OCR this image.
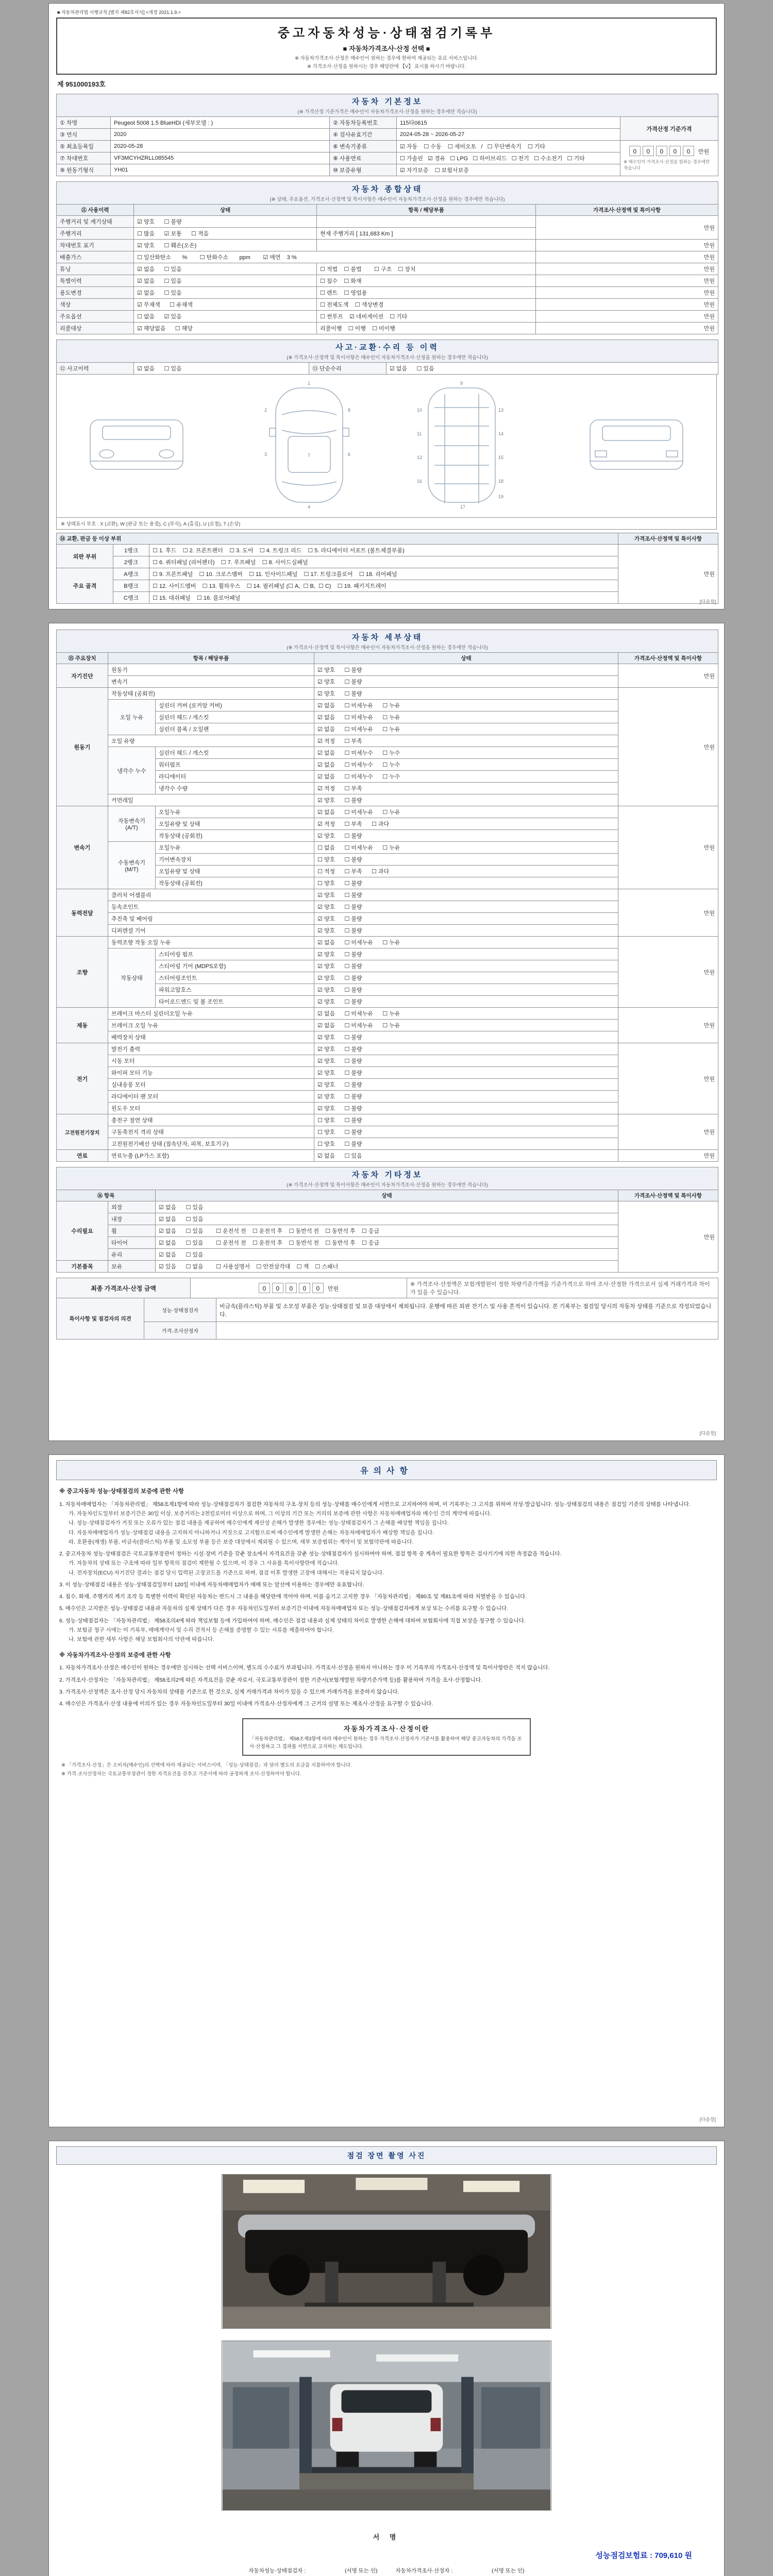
■ 자동차관리법 시행규칙 [별지 제82호서식] <개정 2021.1.9.>
중고자동차성능·상태점검기록부
■ 자동차가격조사·산정 선택 ■
※ 자동차가격조사·산정은 매수인이 원하는 경우에 한하여 제공되는 유료 서비스입니다.
※ 가격조사·산정을 원하시는 경우 해당란에 【V】 표시를 하시기 바랍니다.
제 951000193호
자동차 기본정보
(※ 가격산정 기준가격은 매수인이 자동차가격조사·산정을 원하는 경우에만 적습니다)				

① 차명	Peugeot 5008 1.5 BlueHDi (세부모델 : )	② 자동차등록번호	115타0615	가격산정 기준가격
③ 연식	2020	④ 검사유효기간	2024-05-28 ~ 2026-05-27	
⑤ 최초등록일	2020-05-28	⑥ 변속기종류	☑ 자동    ☐ 수동    ☐ 세미오토   /   ☐ 무단변속기    ☐ 기타	0 0 0 0 0 만원
※ 매수인이 가격조사·산정을 원하는 경우에만 적습니다

⑦ 차대번호	VF3MCYHZRLL085545	⑧ 사용연료	☐ 가솔린   ☑ 경유   ☐ LPG   ☐ 하이브리드   ☐ 전기   ☐ 수소전기   ☐ 기타	
⑨ 원동기형식	YH01	⑩ 보증유형	☑ 자가보증    ☐ 보험사보증	
자동차 종합상태
(※ 상태, 주요옵션, 가격조사·산정액 및 특이사항은 매수인이 자동차가격조사·산정을 원하는 경우에만 적습니다)			

⑪ 사용이력	상태	항목 / 해당부품	가격조사·산정액 및 특이사항
주행거리 및 계기상태	☑ 양호      ☐ 불량		만원
주행거리	☐ 많음      ☑ 보통      ☐ 적음	현재 주행거리 [ 131,683 Km ]	
차대번호 표기	☑ 양호      ☐ 훼손(오손)		만원
배출가스	☐ 일산화탄소       %        ☐ 탄화수소       ppm        ☑ 매연    3 %		만원
튜닝	☑ 없음      ☐ 있음	☐ 적법    ☐ 불법        ☐ 구조    ☐ 장치	만원
특별이력	☑ 없음      ☐ 있음	☐ 침수    ☐ 화재	만원
용도변경	☑ 없음      ☐ 있음	☐ 렌트    ☐ 영업용	만원
색상	☑ 무채색      ☐ 유채색	☐ 전체도색    ☐ 색상변경	만원
주요옵션	☐ 없음      ☑ 있음	☐ 썬루프    ☑ 네비게이션    ☐ 기타	만원
리콜대상	☑ 해당없음      ☐ 해당	리콜이행    ☐ 이행    ☐ 미이행	만원
사고·교환·수리 등 이력
(※ 가격조사·산정액 및 특이사항은 매수인이 자동차가격조사·산정을 원하는 경우에만 적습니다)

⑫ 사고이력	☑ 없음      ☐ 있음	⑬ 단순수리	☑ 없음      ☐ 있음
1
2
3
4
6
7
8
9
10
11
12
13
14
15
16
17
18
19
※ 상태표시 부호 : X (교환), W (판금 또는 용접), C (부식), A (흠집), U (요철), T (손상)
⑭ 교환, 판금 등 이상 부위			가격조사·산정액 및 특이사항
외판 부위	1랭크	☐ 1. 후드    ☐ 2. 프론트펜더    ☐ 3. 도어    ☐ 4. 트렁크 리드    ☐ 5. 라디에이터 서포트 (볼트체결부품)	만원
	2랭크	☐ 6. 쿼터패널 (리어펜더)    ☐ 7. 루프패널    ☐ 8. 사이드실패널	
주요 골격	A랭크	☐ 9. 프론트패널    ☐ 10. 크로스멤버    ☐ 11. 인사이드패널    ☐ 17. 트렁크플로어    ☐ 18. 리어패널	
	B랭크	☐ 12. 사이드멤버    ☐ 13. 휠하우스    ☐ 14. 필러패널 (☐ A,  ☐ B,  ☐ C)    ☐ 19. 패키지트레이	
	C랭크	☐ 15. 대쉬패널    ☐ 16. 플로어패널	
[다음장]
자동차 세부상태
(※ 가격조사·산정액 및 특이사항은 매수인이 자동차가격조사·산정을 원하는 경우에만 적습니다)				

⑮ 주요장치	항목 / 해당부품		상태	가격조사·산정액 및 특이사항
자기진단	원동기		☑ 양호      ☐ 불량	만원
	변속기		☑ 양호      ☐ 불량	
원동기	작동상태 (공회전)		☑ 양호      ☐ 불량	만원
	오일 누유	실린더 커버 (로커암 커버)	☑ 없음      ☐ 미세누유      ☐ 누유	
		실린더 헤드 / 개스킷	☑ 없음      ☐ 미세누유      ☐ 누유	
		실린더 블록 / 오일팬	☑ 없음      ☐ 미세누유      ☐ 누유	
	오일 유량		☑ 적정      ☐ 부족	
	냉각수 누수	실린더 헤드 / 개스킷	☑ 없음      ☐ 미세누수      ☐ 누수	
		워터펌프	☑ 없음      ☐ 미세누수      ☐ 누수	
		라디에이터	☑ 없음      ☐ 미세누수      ☐ 누수	
		냉각수 수량	☑ 적정      ☐ 부족	
	커먼레일		☑ 양호      ☐ 불량	
변속기	자동변속기 (A/T)	오일누유	☑ 없음      ☐ 미세누유      ☐ 누유	만원
		오일유량 및 상태	☑ 적정      ☐ 부족      ☐ 과다	
		작동상태 (공회전)	☑ 양호      ☐ 불량	
	수동변속기 (M/T)	오일누유	☐ 없음      ☐ 미세누유      ☐ 누유	
		기어변속장치	☐ 양호      ☐ 불량	
		오일유량 및 상태	☐ 적정      ☐ 부족      ☐ 과다	
		작동상태 (공회전)	☐ 양호      ☐ 불량	
동력전달	클러치 어셈블리		☑ 양호      ☐ 불량	만원
	등속조인트		☑ 양호      ☐ 불량	
	추진축 및 베어링		☑ 양호      ☐ 불량	
	디퍼렌셜 기어		☑ 양호      ☐ 불량	
조향	동력조향 작동 오일 누유		☑ 없음      ☐ 미세누유      ☐ 누유	만원
	작동상태	스티어링 펌프	☑ 양호      ☐ 불량	
		스티어링 기어 (MDPS포함)	☑ 양호      ☐ 불량	
		스티어링조인트	☑ 양호      ☐ 불량	
		파워고압호스	☑ 양호      ☐ 불량	
		타이로드엔드 및 볼 조인트	☑ 양호      ☐ 불량	
제동	브레이크 마스터 실린더오일 누유		☑ 없음      ☐ 미세누유      ☐ 누유	만원
	브레이크 오일 누유		☑ 없음      ☐ 미세누유      ☐ 누유	
	배력장치 상태		☑ 양호      ☐ 불량	
전기	발전기 출력		☑ 양호      ☐ 불량	만원
	시동 모터		☑ 양호      ☐ 불량	
	와이퍼 모터 기능		☑ 양호      ☐ 불량	
	실내송풍 모터		☑ 양호      ☐ 불량	
	라디에이터 팬 모터		☑ 양호      ☐ 불량	
	윈도우 모터		☑ 양호      ☐ 불량	
고전원전기장치	충전구 절연 상태		☐ 양호      ☐ 불량	만원
	구동축전지 격리 상태		☐ 양호      ☐ 불량	
	고전원전기배선 상태 (접속단자, 피복, 보호기구)		☐ 양호      ☐ 불량	
연료	연료누출 (LP가스 포함)		☑ 없음      ☐ 있음	만원
자동차 기타정보
(※ 가격조사·산정액 및 특이사항은 매수인이 자동차가격조사·산정을 원하는 경우에만 적습니다)			

⑯ 항목		상태	가격조사·산정액 및 특이사항
수리필요	외장	☑ 없음      ☐ 있음	만원
	내장	☑ 없음      ☐ 있음	
	휠	☑ 없음      ☐ 있음        ☐ 운전석 전    ☐ 운전석 후    ☐ 동반석 전    ☐ 동반석 후    ☐ 응급	
	타이어	☑ 없음      ☐ 있음        ☐ 운전석 전    ☐ 운전석 후    ☐ 동반석 전    ☐ 동반석 후    ☐ 응급	
	유리	☑ 없음      ☐ 있음	
기본품목	보유	☑ 있음      ☐ 없음        ☐ 사용설명서    ☐ 안전삼각대    ☐ 잭    ☐ 스패너	
최종 가격조사·산정 금액	0 0 0 0 0 만원	※ 가격조사·산정액은 보험개발원이 정한 차량기준가액을 기준가격으로 하여 조사·산정한 가격으로서 실제 거래가격과 차이가 있을 수 있습니다.
특이사항 및 점검자의 의견	성능·상태점검자	비금속(플라스틱) 부품 및 소모성 부품은 성능·상태점검 및 보증 대상에서 제외됩니다. 운행에 따른 외판 잔기스 및 사용 흔적이 있습니다. 본 기록부는 점검일 당시의 자동차 상태를 기준으로 작성되었습니다.
	가격·조사산정자	
[다음장]
유의사항
※ 중고자동차 성능·상태점검의 보증에 관한 사항
1. 자동차매매업자는 「자동차관리법」 제58조제1항에 따라 성능·상태점검자가 점검한 자동차의 구조·장치 등의 성능·상태를 매수인에게 서면으로 고지하여야 하며, 이 기록부는 그 고지를 위하여 작성·발급됩니다. 성능·상태점검의 내용은 점검일 기준의 상태를 나타냅니다.
가. 자동차인도일부터 보증기간은 30일 이상, 보증거리는 2천킬로미터 이상으로 하며, 그 이상의 기간 또는 거리의 보증에 관한 사항은 자동차매매업자와 매수인 간의 계약에 따릅니다.
나. 성능·상태점검자가 거짓 또는 오류가 있는 점검 내용을 제공하여 매수인에게 재산상 손해가 발생한 경우에는 성능·상태점검자가 그 손해를 배상할 책임을 집니다.
다. 자동차매매업자가 성능·상태점검 내용을 고지하지 아니하거나 거짓으로 고지함으로써 매수인에게 발생한 손해는 자동차매매업자가 배상할 책임을 집니다.
라. 호환용(재생) 부품, 비금속(플라스틱) 부품 및 소모성 부품 등은 보증 대상에서 제외될 수 있으며, 세부 보증범위는 계약서 및 보험약관에 따릅니다.
2. 중고자동차 성능·상태점검은 국토교통부장관이 정하는 시설·장비 기준을 갖춘 장소에서 자격요건을 갖춘 성능·상태점검자가 실시하여야 하며, 점검 항목 중 계측이 필요한 항목은 검사기기에 의한 측정값을 적습니다.
가. 자동차의 상태 또는 구조에 따라 일부 항목의 점검이 제한될 수 있으며, 이 경우 그 사유를 특이사항란에 적습니다.
나. 전자장치(ECU) 자기진단 결과는 점검 당시 입력된 고장코드를 기준으로 하며, 점검 이후 발생한 고장에 대해서는 적용되지 않습니다.
3. 이 성능·상태점검 내용은 성능·상태점검일부터 120일 이내에 자동차매매업자가 매매 또는 알선에 이용하는 경우에만 유효합니다.
4. 침수, 화재, 주행거리 계기 조작 등 특별한 이력이 확인된 자동차는 반드시 그 내용을 해당란에 적어야 하며, 이를 숨기고 고지한 경우 「자동차관리법」 제80조 및 제81조에 따라 처벌받을 수 있습니다.
5. 매수인은 고지받은 성능·상태점검 내용과 자동차의 실제 상태가 다른 경우 자동차인도일부터 보증기간 이내에 자동차매매업자 또는 성능·상태점검자에게 보상 또는 수리를 요구할 수 있습니다.
6. 성능·상태점검자는 「자동차관리법」 제58조의4에 따라 책임보험 등에 가입하여야 하며, 매수인은 점검 내용과 실제 상태의 차이로 발생한 손해에 대하여 보험회사에 직접 보상을 청구할 수 있습니다.
가. 보험금 청구 시에는 이 기록부, 매매계약서 및 수리 견적서 등 손해를 증명할 수 있는 서류를 제출하여야 합니다.
나. 보험에 관한 세부 사항은 해당 보험회사의 약관에 따릅니다.
※ 자동차가격조사·산정의 보증에 관한 사항
1. 자동차가격조사·산정은 매수인이 원하는 경우에만 실시하는 선택 서비스이며, 별도의 수수료가 부과됩니다. 가격조사·산정을 원하지 아니하는 경우 이 기록부의 가격조사·산정액 및 특이사항란은 적지 않습니다.
2. 가격조사·산정자는 「자동차관리법」 제58조의2에 따른 자격요건을 갖춘 자로서, 국토교통부장관이 정한 기준서(보험개발원 차량기준가액 등)를 활용하여 가격을 조사·산정합니다.
3. 가격조사·산정액은 조사·산정 당시 자동차의 상태를 기준으로 한 것으로, 실제 거래가격과 차이가 있을 수 있으며 거래가격을 보증하지 않습니다.
4. 매수인은 가격조사·산정 내용에 이의가 있는 경우 자동차인도일부터 30일 이내에 가격조사·산정자에게 그 근거의 설명 또는 재조사·산정을 요구할 수 있습니다.
자동차가격조사·산정이란
「자동차관리법」 제58조제3항에 따라 매수인이 원하는 경우 가격조사·산정자가 기준서를 활용하여 해당 중고자동차의 가격을 조사·산정하고 그 결과를 서면으로 고지하는 제도입니다.
※ 「가격조사·산정」은 소비자(매수인)의 선택에 따라 제공되는 서비스이며, 「성능·상태점검」과 달리 별도의 요금을 지불하여야 합니다.
※ 가격·조사산정자는 국토교통부장관이 정한 자격요건을 갖추고 기준서에 따라 공정하게 조사·산정하여야 합니다.
[다음장]
점검 장면 촬영 사진
서 명
성능점검보험료 : 709,610 원
자동차성능·상태점검자 :                          (서명 또는 인)            자동차가격조사·산정자 :                          (서명 또는 인)
